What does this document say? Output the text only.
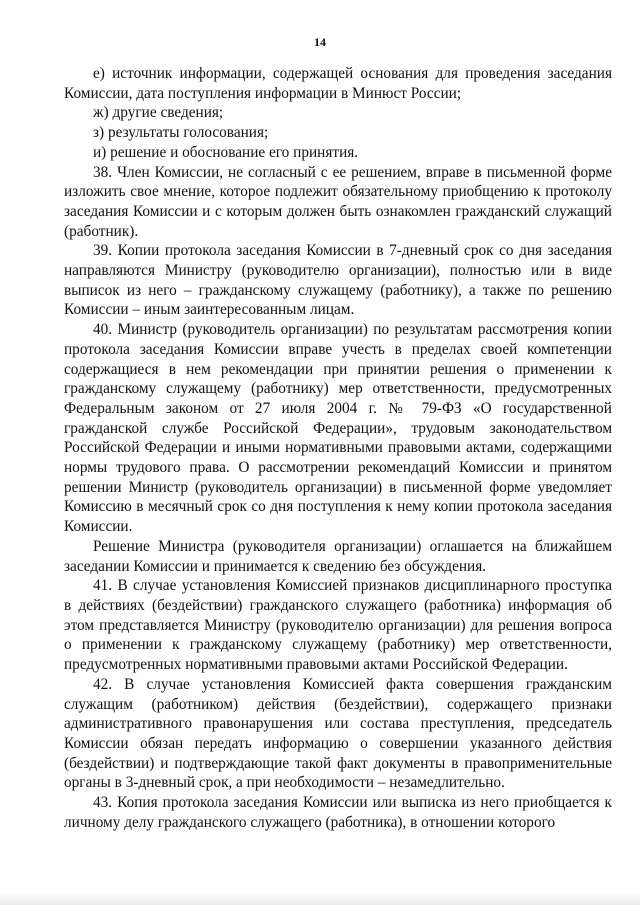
14

е) источник информации, содержащей основания для проведения заседания Комиссии, дата поступления информации в Минюст России;

ж) другие сведения;

з) результаты голосования;

и) решение и обоснование его принятия.

38. Член Комиссии, не согласный с ее решением, вправе в письменной форме изложить свое мнение, которое подлежит обязательному приобщению к протоколу заседания Комиссии и с которым должен быть ознакомлен гражданский служащий (работник).

39. Копии протокола заседания Комиссии в 7-дневный срок со дня заседания направляются Министру (руководителю организации), полностью или в виде выписок из него – гражданскому служащему (работнику), а также по решению Комиссии – иным заинтересованным лицам.

40. Министр (руководитель организации) по результатам рассмотрения копии протокола заседания Комиссии вправе учесть в пределах своей компетенции содержащиеся в нем рекомендации при принятии решения о применении к гражданскому служащему (работнику) мер ответственности, предусмотренных Федеральным законом от 27 июля 2004 г. № 79-ФЗ «О государственной гражданской службе Российской Федерации», трудовым законодательством Российской Федерации и иными нормативными правовыми актами, содержащими нормы трудового права. О рассмотрении рекомендаций Комиссии и принятом решении Министр (руководитель организации) в письменной форме уведомляет Комиссию в месячный срок со дня поступления к нему копии протокола заседания Комиссии.

Решение Министра (руководителя организации) оглашается на ближайшем заседании Комиссии и принимается к сведению без обсуждения.

41. В случае установления Комиссией признаков дисциплинарного проступка в действиях (бездействии) гражданского служащего (работника) информация об этом представляется Министру (руководителю организации) для решения вопроса о применении к гражданскому служащему (работнику) мер ответственности, предусмотренных нормативными правовыми актами Российской Федерации.

42. В случае установления Комиссией факта совершения гражданским служащим (работником) действия (бездействии), содержащего признаки административного правонарушения или состава преступления, председатель Комиссии обязан передать информацию о совершении указанного действия (бездействии) и подтверждающие такой факт документы в правоприменительные органы в 3-дневный срок, а при необходимости – незамедлительно.

43. Копия протокола заседания Комиссии или выписка из него приобщается к личному делу гражданского служащего (работника), в отношении которого
